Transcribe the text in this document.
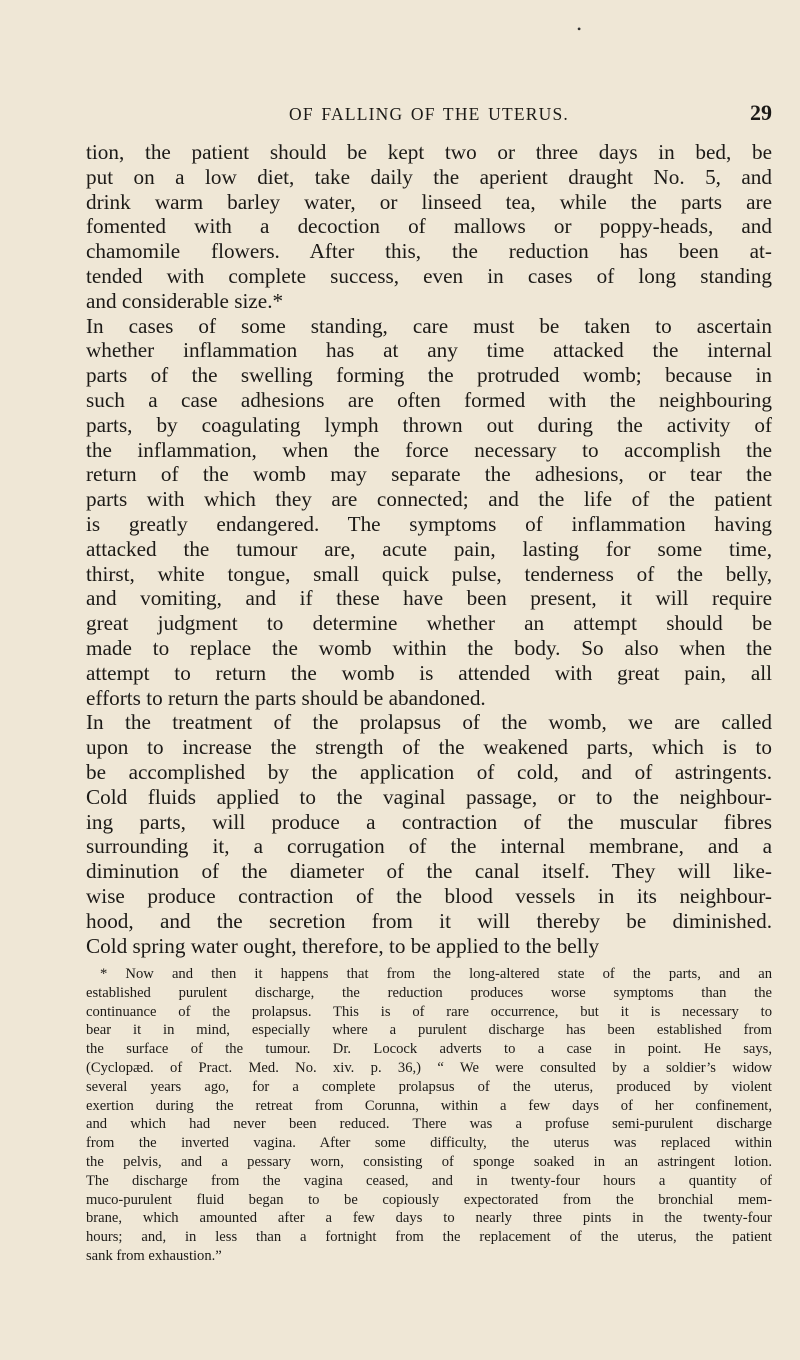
•
OF FALLING OF THE UTERUS.	29
tion, the patient should be kept two or three days in bed, be
put on a low diet, take daily the aperient draught No. 5, and
drink warm barley water, or linseed tea, while the parts are
fomented with a decoction of mallows or poppy-heads, and
chamomile flowers. After this, the reduction has been at-
tended with complete success, even in cases of long standing
and considerable size.*
In cases of some standing, care must be taken to ascertain
whether inflammation has at any time attacked the internal
parts of the swelling forming the protruded womb; because in
such a case adhesions are often formed with the neighbouring
parts, by coagulating lymph thrown out during the activity of
the inflammation, when the force necessary to accomplish the
return of the womb may separate the adhesions, or tear the
parts with which they are connected; and the life of the patient
is greatly endangered. The symptoms of inflammation having
attacked the tumour are, acute pain, lasting for some time,
thirst, white tongue, small quick pulse, tenderness of the belly,
and vomiting, and if these have been present, it will require
great judgment to determine whether an attempt should be
made to replace the womb within the body. So also when the
attempt to return the womb is attended with great pain, all
efforts to return the parts should be abandoned.
In the treatment of the prolapsus of the womb, we are called
upon to increase the strength of the weakened parts, which is to
be accomplished by the application of cold, and of astringents.
Cold fluids applied to the vaginal passage, or to the neighbour-
ing parts, will produce a contraction of the muscular fibres
surrounding it, a corrugation of the internal membrane, and a
diminution of the diameter of the canal itself. They will like-
wise produce contraction of the blood vessels in its neighbour-
hood, and the secretion from it will thereby be diminished.
Cold spring water ought, therefore, to be applied to the belly
* Now and then it happens that from the long-altered state of the parts, and an
established purulent discharge, the reduction produces worse symptoms than the
continuance of the prolapsus. This is of rare occurrence, but it is necessary to
bear it in mind, especially where a purulent discharge has been established from
the surface of the tumour. Dr. Locock adverts to a case in point. He says,
(Cyclopæd. of Pract. Med. No. xiv. p. 36,) “ We were consulted by a soldier’s widow
several years ago, for a complete prolapsus of the uterus, produced by violent
exertion during the retreat from Corunna, within a few days of her confinement,
and which had never been reduced. There was a profuse semi-purulent discharge
from the inverted vagina. After some difficulty, the uterus was replaced within
the pelvis, and a pessary worn, consisting of sponge soaked in an astringent lotion.
The discharge from the vagina ceased, and in twenty-four hours a quantity of
muco-purulent fluid began to be copiously expectorated from the bronchial mem-
brane, which amounted after a few days to nearly three pints in the twenty-four
hours; and, in less than a fortnight from the replacement of the uterus, the patient
sank from exhaustion.”
